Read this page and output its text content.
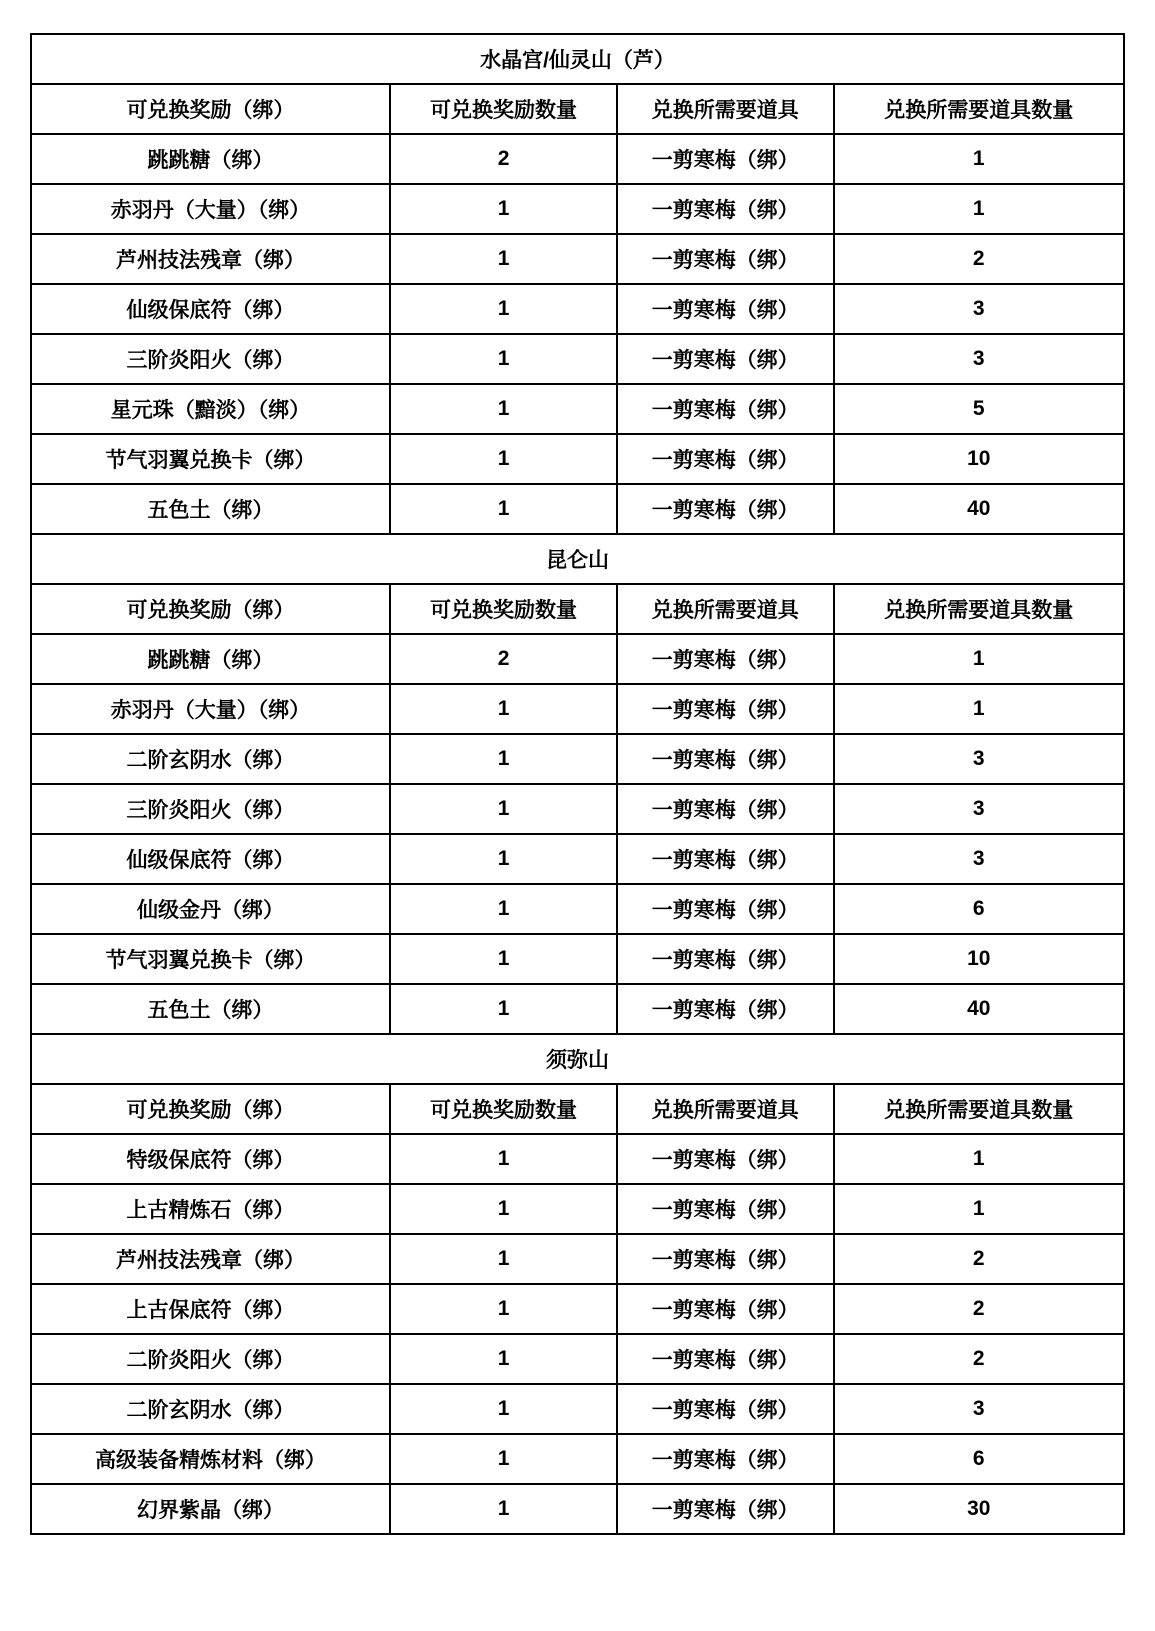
水晶宫/仙灵山（芦）			
可兑换奖励（绑）	可兑换奖励数量	兑换所需要道具	兑换所需要道具数量
跳跳糖（绑）	2	一剪寒梅（绑）	1
赤羽丹（大量）（绑）	1	一剪寒梅（绑）	1
芦州技法残章（绑）	1	一剪寒梅（绑）	2
仙级保底符（绑）	1	一剪寒梅（绑）	3
三阶炎阳火（绑）	1	一剪寒梅（绑）	3
星元珠（黯淡）（绑）	1	一剪寒梅（绑）	5
节气羽翼兑换卡（绑）	1	一剪寒梅（绑）	10
五色土（绑）	1	一剪寒梅（绑）	40
昆仑山			
可兑换奖励（绑）	可兑换奖励数量	兑换所需要道具	兑换所需要道具数量
跳跳糖（绑）	2	一剪寒梅（绑）	1
赤羽丹（大量）（绑）	1	一剪寒梅（绑）	1
二阶玄阴水（绑）	1	一剪寒梅（绑）	3
三阶炎阳火（绑）	1	一剪寒梅（绑）	3
仙级保底符（绑）	1	一剪寒梅（绑）	3
仙级金丹（绑）	1	一剪寒梅（绑）	6
节气羽翼兑换卡（绑）	1	一剪寒梅（绑）	10
五色土（绑）	1	一剪寒梅（绑）	40
须弥山			
可兑换奖励（绑）	可兑换奖励数量	兑换所需要道具	兑换所需要道具数量
特级保底符（绑）	1	一剪寒梅（绑）	1
上古精炼石（绑）	1	一剪寒梅（绑）	1
芦州技法残章（绑）	1	一剪寒梅（绑）	2
上古保底符（绑）	1	一剪寒梅（绑）	2
二阶炎阳火（绑）	1	一剪寒梅（绑）	2
二阶玄阴水（绑）	1	一剪寒梅（绑）	3
高级装备精炼材料（绑）	1	一剪寒梅（绑）	6
幻界紫晶（绑）	1	一剪寒梅（绑）	30
